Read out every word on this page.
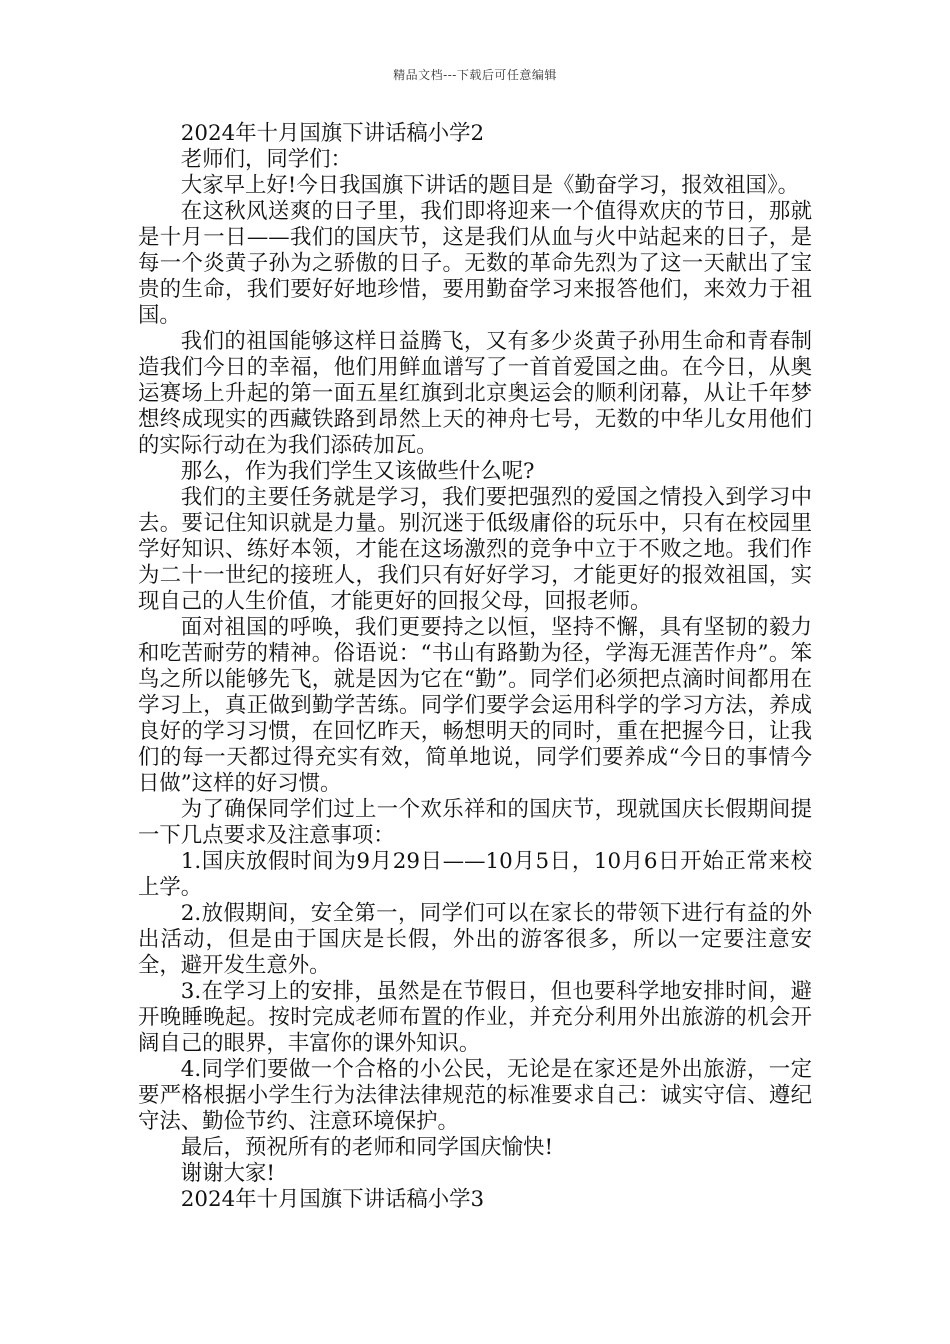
精品文档---下载后可任意编辑

2024年十月国旗下讲话稿小学2

老师们，同学们：

大家早上好!今日我国旗下讲话的题目是《勤奋学习，报效祖国》。

在这秋风送爽的日子里，我们即将迎来一个值得欢庆的节日，那就是十月一日——我们的国庆节，这是我们从血与火中站起来的日子，是每一个炎黄子孙为之骄傲的日子。无数的革命先烈为了这一天献出了宝贵的生命，我们要好好地珍惜，要用勤奋学习来报答他们，来效力于祖国。

我们的祖国能够这样日益腾飞，又有多少炎黄子孙用生命和青春制造我们今日的幸福，他们用鲜血谱写了一首首爱国之曲。在今日，从奥运赛场上升起的第一面五星红旗到北京奥运会的顺利闭幕，从让千年梦想终成现实的西藏铁路到昂然上天的神舟七号，无数的中华儿女用他们的实际行动在为我们添砖加瓦。

那么，作为我们学生又该做些什么呢?

我们的主要任务就是学习，我们要把强烈的爱国之情投入到学习中去。要记住知识就是力量。别沉迷于低级庸俗的玩乐中，只有在校园里学好知识、练好本领，才能在这场激烈的竞争中立于不败之地。我们作为二十一世纪的接班人，我们只有好好学习，才能更好的报效祖国，实现自己的人生价值，才能更好的回报父母，回报老师。

面对祖国的呼唤，我们更要持之以恒，坚持不懈，具有坚韧的毅力和吃苦耐劳的精神。俗语说：“书山有路勤为径，学海无涯苦作舟”。笨鸟之所以能够先飞，就是因为它在“勤”。同学们必须把点滴时间都用在学习上，真正做到勤学苦练。同学们要学会运用科学的学习方法，养成良好的学习习惯，在回忆昨天，畅想明天的同时，重在把握今日，让我们的每一天都过得充实有效，简单地说，同学们要养成“今日的事情今日做”这样的好习惯。

为了确保同学们过上一个欢乐祥和的国庆节，现就国庆长假期间提一下几点要求及注意事项：

1.国庆放假时间为9月29日——10月5日，10月6日开始正常来校上学。

2.放假期间，安全第一，同学们可以在家长的带领下进行有益的外出活动，但是由于国庆是长假，外出的游客很多，所以一定要注意安全，避开发生意外。

3.在学习上的安排，虽然是在节假日，但也要科学地安排时间，避开晚睡晚起。按时完成老师布置的作业，并充分利用外出旅游的机会开阔自己的眼界，丰富你的课外知识。

4.同学们要做一个合格的小公民，无论是在家还是外出旅游，一定要严格根据小学生行为法律法律规范的标准要求自己：诚实守信、遵纪守法、勤俭节约、注意环境保护。

最后，预祝所有的老师和同学国庆愉快!

谢谢大家!

2024年十月国旗下讲话稿小学3
